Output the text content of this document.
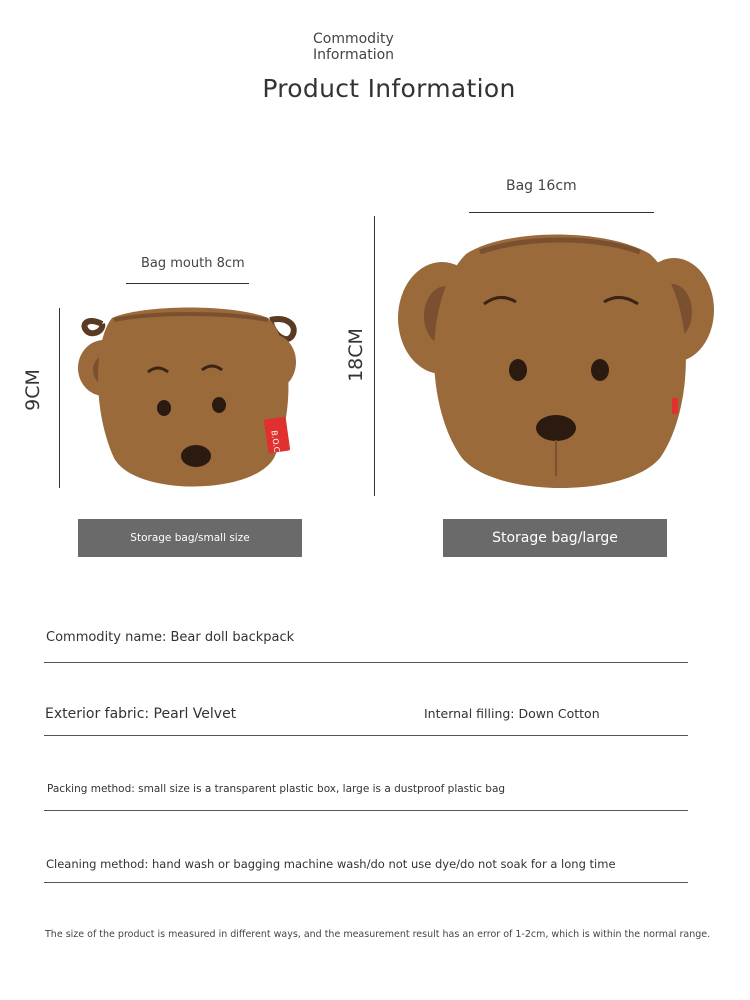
Commodity
Information
Product Information
Bag mouth 8cm
9CM
B.O.C
Storage bag/small size
Bag 16cm
18CM
Storage bag/large
Commodity name: Bear doll backpack
Exterior fabric: Pearl Velvet	Internal filling: Down Cotton
Packing method: small size is a transparent plastic box, large is a dustproof plastic bag
Cleaning method: hand wash or bagging machine wash/do not use dye/do not soak for a long time
The size of the product is measured in different ways, and the measurement result has an error of 1-2cm, which is within the normal range.
